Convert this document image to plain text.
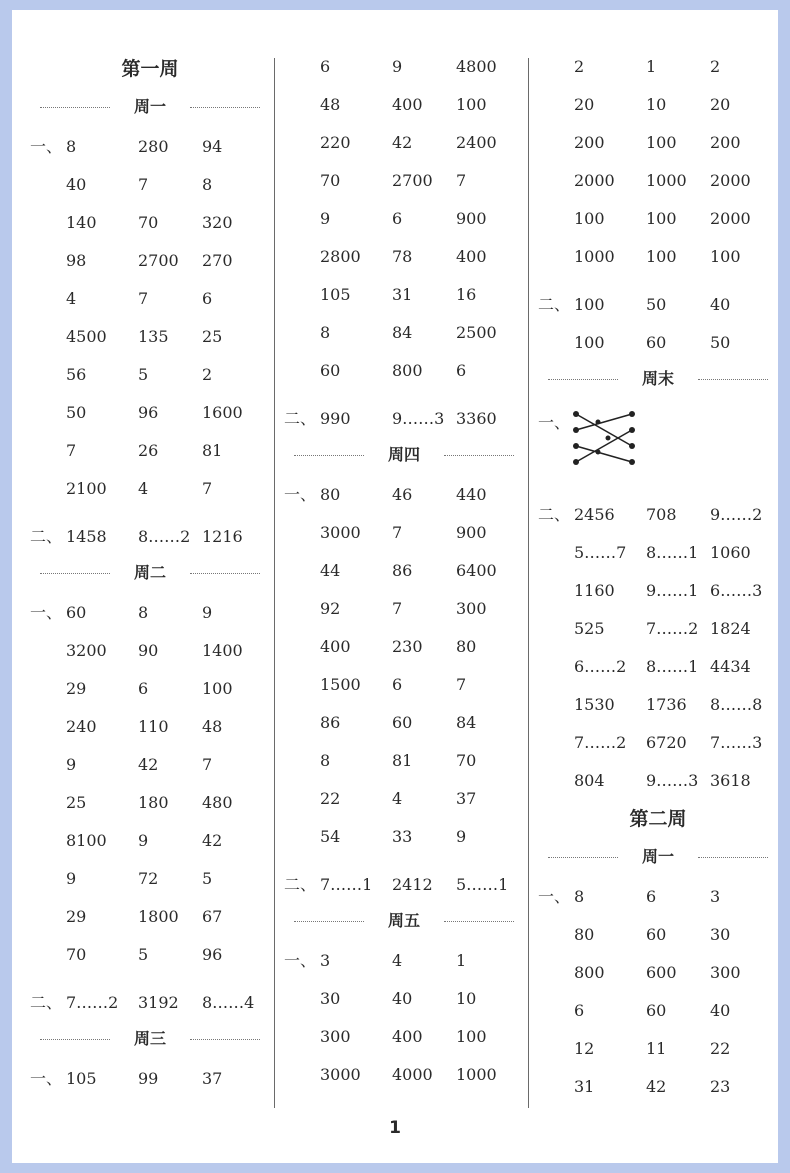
第一周
周一
一、 8	280 94
40	7	8
140	70	320
98	2700 270
4	7	6
4500 135 25
56	5	2
50	96	1600
7	26	81
2100 4	7
二、 1458 8……2 1216
周二
一、 60	8	9
3200 90	1400
29	6	100
240	110 48
9	42	7
25	180 480
8100 9	42
9	72	5
29	1800 67
70	5	96
二、 7……2 3192 8……4
周三
一、 105	99	37
6	9	4800
48	400 100
220	42	2400
70	2700 7
9	6	900
2800 78	400
105	31	16
8	84	2500
60	800 6
二、 990	9……3 3360
周四
一、 80	46	440
3000 7	900
44	86	6400
92	7	300
400	230 80
1500 6	7
86	60	84
8	81	70
22	4	37
54	33	9
二、 7……1 2412 5……1
周五
一、 3	4	1
30	40	10
300	400 100
3000 4000 1000
2	1	2
20	10	20
200	100 200
2000 1000 2000
100	100 2000
1000 100 100
二、 100	50	40
100	60	50
周末
一、
二、 2456 708 9……2
5……7 8……1 1060
1160 9……1 6……3
525	7……2 1824
6……2 8……1 4434
1530 1736 8……8
7……2 6720 7……3
804	9……3 3618
第二周
周一
一、 8	6	3
80	60	30
800	600 300
6	60	40
12	11	22
31	42	23
1
